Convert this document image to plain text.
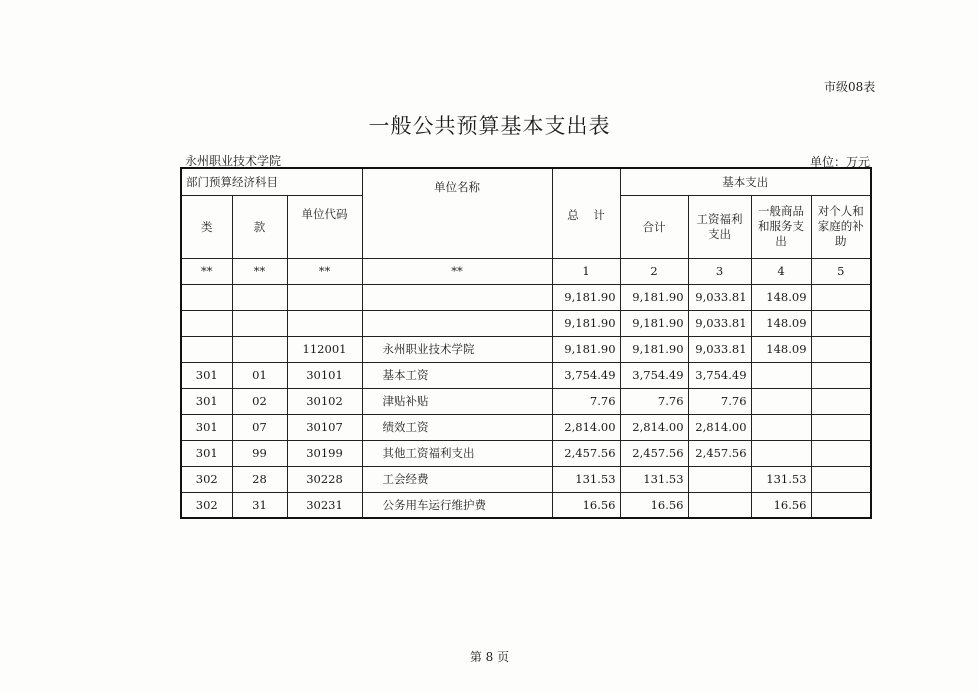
市级08表
一般公共预算基本支出表
永州职业技术学院	单位：万元
部门预算经济科目			单位名称	总    计	基本支出			
类	款	单位代码			合计	工资福利支出	一般商品和服务支出	对个人和家庭的补助
**	**	**	**	1	2	3	4	5
				9,181.90	9,181.90	9,033.81	148.09	
				9,181.90	9,181.90	9,033.81	148.09	
		112001	永州职业技术学院	9,181.90	9,181.90	9,033.81	148.09	
301	01	30101	基本工资	3,754.49	3,754.49	3,754.49		
301	02	30102	津贴补贴	7.76	7.76	7.76		
301	07	30107	绩效工资	2,814.00	2,814.00	2,814.00		
301	99	30199	其他工资福利支出	2,457.56	2,457.56	2,457.56		
302	28	30228	工会经费	131.53	131.53		131.53	
302	31	30231	公务用车运行维护费	16.56	16.56		16.56	
第 8 页
